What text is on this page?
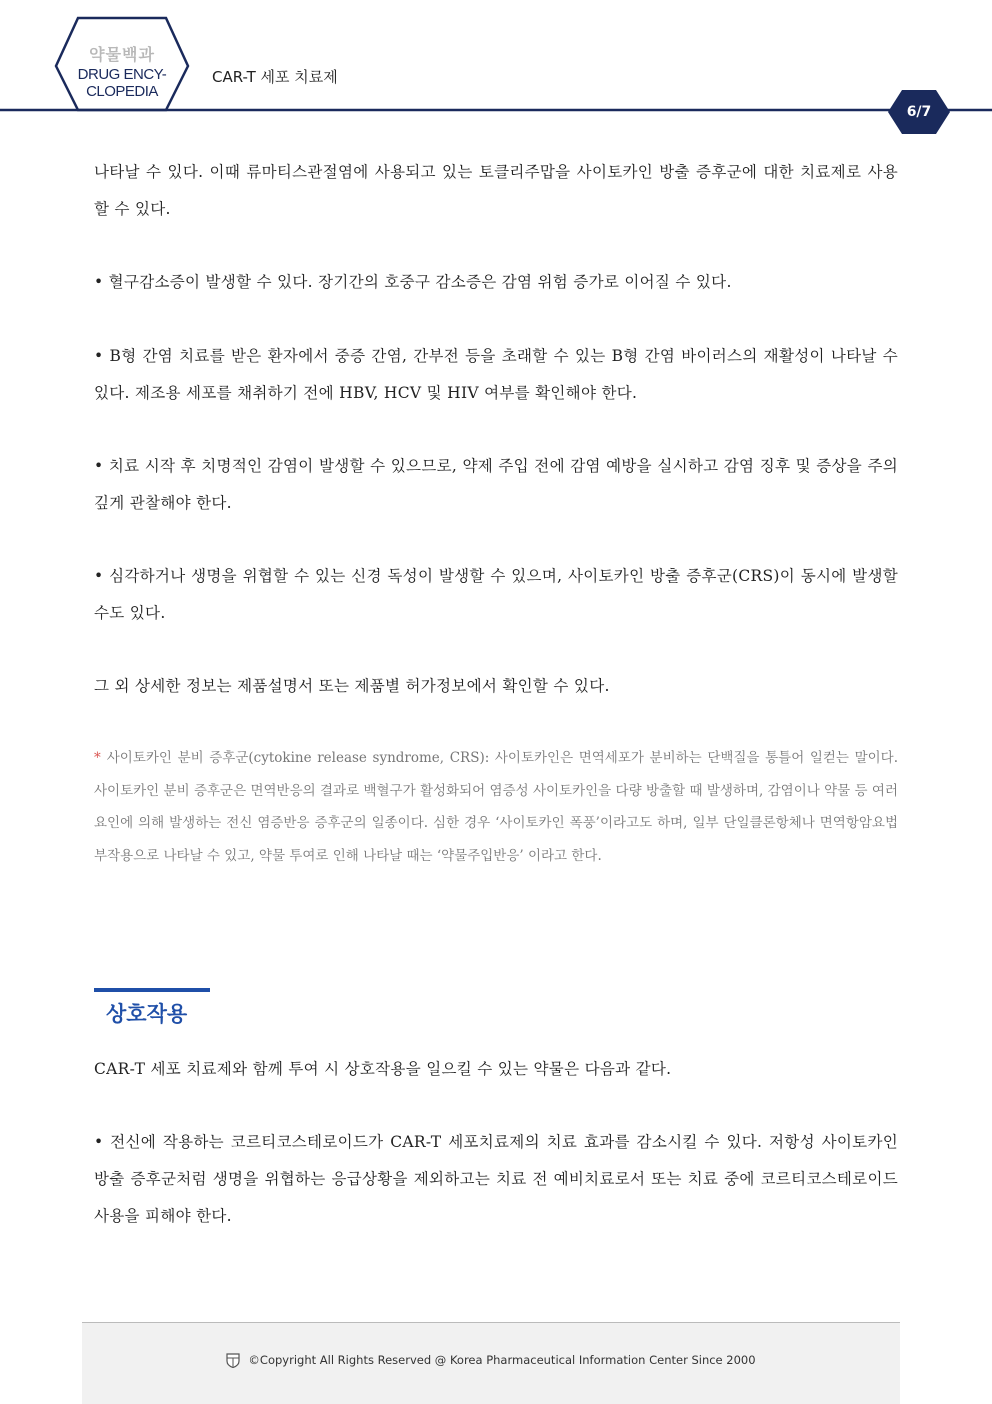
약물백과
DRUG ENCY-
CLOPEDIA
CAR-T 세포 치료제
6/7
나타날 수 있다. 이때 류마티스관절염에 사용되고 있는 토클리주맙을 사이토카인 방출 증후군에 대한 치료제로 사용할 수 있다.
• 혈구감소증이 발생할 수 있다. 장기간의 호중구 감소증은 감염 위험 증가로 이어질 수 있다.
• B형 간염 치료를 받은 환자에서 중증 간염, 간부전 등을 초래할 수 있는 B형 간염 바이러스의 재활성이 나타날 수 있다. 제조용 세포를 채취하기 전에 HBV, HCV 및 HIV 여부를 확인해야 한다.
• 치료 시작 후 치명적인 감염이 발생할 수 있으므로, 약제 주입 전에 감염 예방을 실시하고 감염 징후 및 증상을 주의깊게 관찰해야 한다.
• 심각하거나 생명을 위협할 수 있는 신경 독성이 발생할 수 있으며, 사이토카인 방출 증후군(CRS)이 동시에 발생할 수도 있다.
그 외 상세한 정보는 제품설명서 또는 제품별 허가정보에서 확인할 수 있다.
* 사이토카인 분비 증후군(cytokine release syndrome, CRS): 사이토카인은 면역세포가 분비하는 단백질을 통틀어 일컫는 말이다. 사이토카인 분비 증후군은 면역반응의 결과로 백혈구가 활성화되어 염증성 사이토카인을 다량 방출할 때 발생하며, 감염이나 약물 등 여러 요인에 의해 발생하는 전신 염증반응 증후군의 일종이다. 심한 경우 ‘사이토카인 폭풍’이라고도 하며, 일부 단일클론항체나 면역항암요법 부작용으로 나타날 수 있고, 약물 투여로 인해 나타날 때는 ‘약물주입반응’ 이라고 한다.
상호작용
CAR-T 세포 치료제와 함께 투여 시 상호작용을 일으킬 수 있는 약물은 다음과 같다.
• 전신에 작용하는 코르티코스테로이드가 CAR-T 세포치료제의 치료 효과를 감소시킬 수 있다. 저항성 사이토카인 방출 증후군처럼 생명을 위협하는 응급상황을 제외하고는 치료 전 예비치료로서 또는 치료 중에 코르티코스테로이드 사용을 피해야 한다.
©Copyright All Rights Reserved @ Korea Pharmaceutical Information Center Since 2000
